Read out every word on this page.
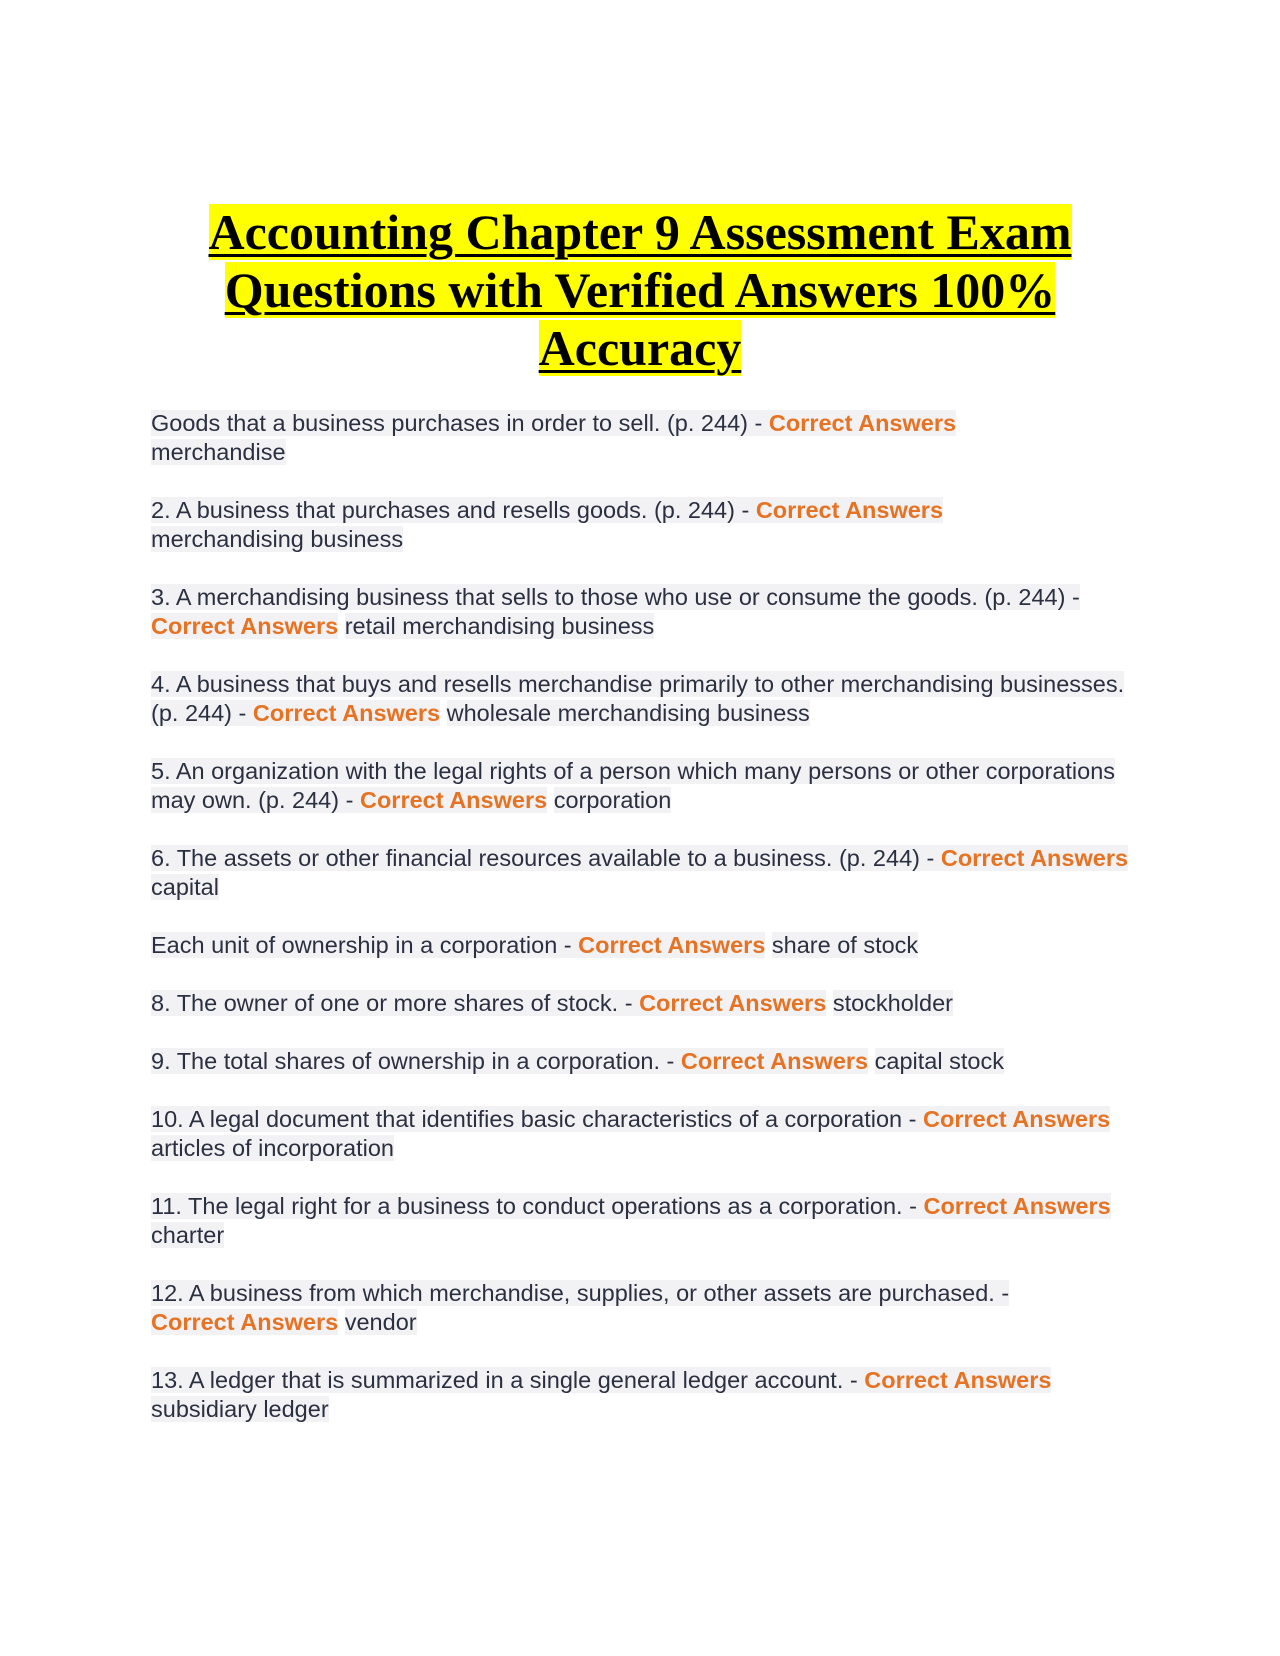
Accounting Chapter 9 Assessment Exam
Questions with Verified Answers 100%
Accuracy
Goods that a business purchases in order to sell. (p. 244) - Correct Answers
merchandise
2. A business that purchases and resells goods. (p. 244) - Correct Answers
merchandising business
3. A merchandising business that sells to those who use or consume the goods. (p. 244) - Correct Answers retail merchandising business
4. A business that buys and resells merchandise primarily to other merchandising businesses. (p. 244) - Correct Answers wholesale merchandising business
5. An organization with the legal rights of a person which many persons or other corporations may own. (p. 244) - Correct Answers corporation
6. The assets or other financial resources available to a business. (p. 244) - Correct Answers capital
Each unit of ownership in a corporation - Correct Answers share of stock
8. The owner of one or more shares of stock. - Correct Answers stockholder
9. The total shares of ownership in a corporation. - Correct Answers capital stock
10. A legal document that identifies basic characteristics of a corporation - Correct Answers articles of incorporation
11. The legal right for a business to conduct operations as a corporation. - Correct Answers charter
12. A business from which merchandise, supplies, or other assets are purchased. -
Correct Answers vendor
13. A ledger that is summarized in a single general ledger account. - Correct Answers
subsidiary ledger
